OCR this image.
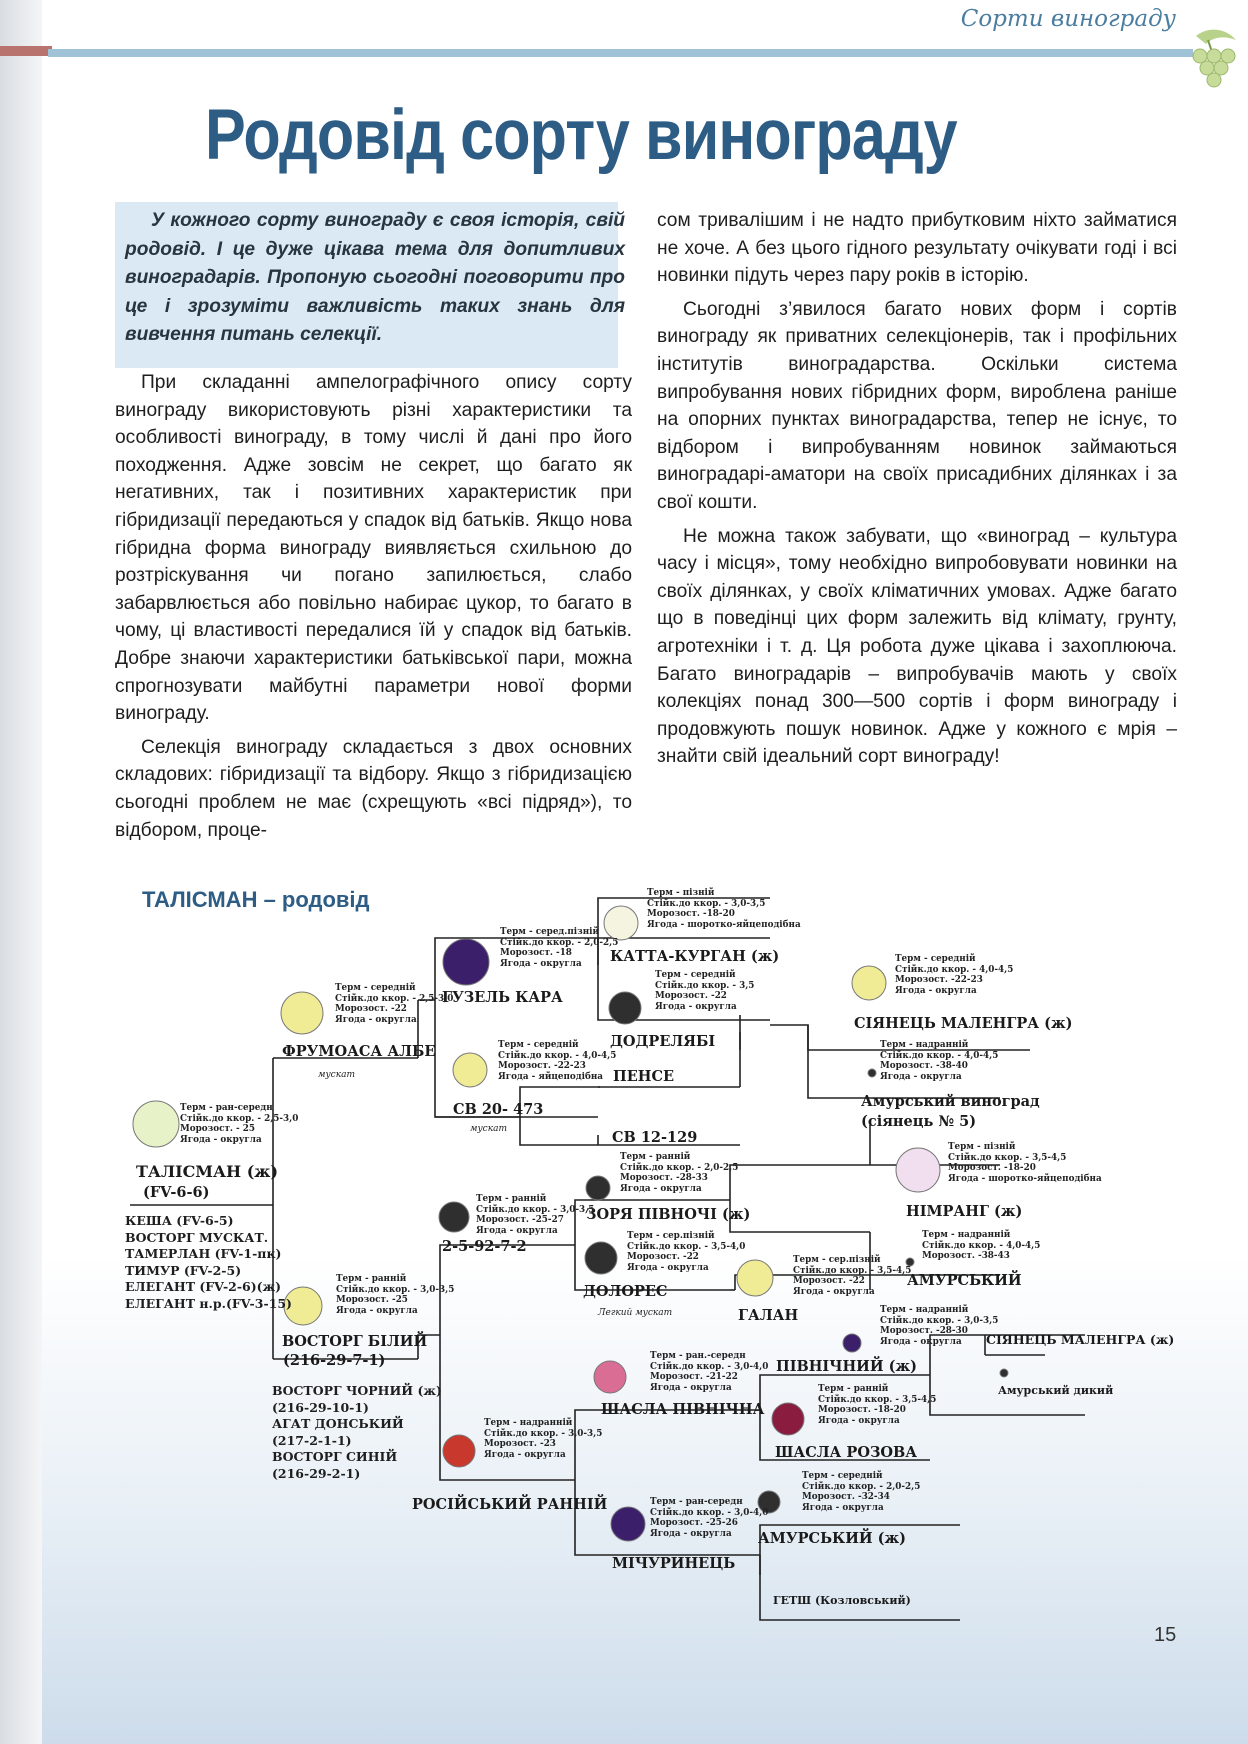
Сорти винограду
Родовід сорту винограду

У кожного сорту винограду є своя історія, свій родовід. І це дуже цікава тема для допитливих виноградарів. Пропоную сьогодні поговорити про це і зрозуміти важливість таких знань для вивчення питань селекції.

При складанні ампелографічного опису сорту винограду використовують різні характеристики та особливості винограду, в тому числі й дані про його походження. Адже зовсім не секрет, що багато як негативних, так і позитивних характеристик при гібридизації передаються у спадок від батьків. Якщо нова гібридна форма винограду виявляється схильною до розтріскування чи погано запилюється, слабо забарвлюється або повільно набирає цукор, то багато в чому, ці властивості передалися їй у спадок від батьків. Добре знаючи характеристики батьківської пари, можна спрогнозувати майбутні параметри нової форми винограду.

Селекція винограду складається з двох основних складових: гібридизації та відбору. Якщо з гібридизацією сьогодні проблем не має (схрещують «всі підряд»), то відбором, проце-

сом тривалішим і не надто прибутковим ніхто займатися не хоче. А без цього гідного результату очікувати годі і всі новинки підуть через пару років в історію.

Сьогодні з’явилося багато нових форм і сортів винограду як приватних селекціонерів, так і профільних інститутів виноградарства. Оскільки система випробування нових гібридних форм, вироблена раніше на опорних пунктах виноградарства, тепер не існує, то відбором і випробуванням новинок займаються виноградарі-аматори на своїх присадибних ділянках і за свої кошти.

Не можна також забувати, що «виноград – культура часу і місця», тому необхідно випробовувати новинки на своїх ділянках, у своїх кліматичних умовах. Адже багато що в поведінці цих форм залежить від клімату, грунту, агротехніки і т. д. Ця робота дуже цікава і захоплююча. Багато виноградарів – випробувачів мають у своїх колекціях понад 300—500 сортів і форм винограду і продовжують пошук новинок. Адже у кожного є мрія – знайти свій ідеальний сорт винограду!

ТАЛІСМАН – родовід
ТАЛІСМАН (ж)
(FV-6-6)
ФРУМОАСА АЛБЕ
мускат
ГУЗЕЛЬ КАРА
КАТТА-КУРГАН (ж)
ДОДРЕЛЯБІ
ПЕНСЕ
СВ 20- 473
мускат	СВ 12-129
СІЯНЕЦЬ МАЛЕНГРА (ж)
Амурський виноград
(сіянець № 5)
НІМРАНГ (ж)
АМУРСЬКИЙ
ЗОРЯ ПІВНОЧІ (ж)
2-5-92-7-2
ДОЛОРЕС
Легкий мускат	ГАЛАН
ПІВНІЧНИЙ (ж)
СІЯНЕЦЬ МАЛЕНГРА (ж)
Амурський дикий
ВОСТОРГ БІЛИЙ
(216-29-7-1)
ШАСЛА ПІВНІЧНА
ШАСЛА РОЗОВА
РОСІЙСЬКИЙ РАННІЙ
АМУРСЬКИЙ (ж)
МІЧУРИНЕЦЬ
ГЕТШ (Козловський)
КЕША (FV-6-5)
ВОСТОРГ МУСКАТ.
ТАМЕРЛАН (FV-1-пк)
ТИМУР (FV-2-5)
ЕЛЕГАНТ (FV-2-6)(ж)
ЕЛЕГАНТ н.р.(FV-3-15)
ВОСТОРГ ЧОРНИЙ (ж)
(216-29-10-1)
АГАТ ДОНСЬКИЙ
(217-2-1-1)
ВОСТОРГ СИНІЙ
(216-29-2-1)
Терм - пізній
Стійк.до ккор. - 3,0-3,5
Морозост. -18-20
Ягода - шоротко-яйцеподібна
Терм - серед.пізній
Стійк.до ккор. - 2,0-2,5
Морозост. -18
Ягода - округла
Терм - середній
Стійк.до ккор. - 2,5-3,0
Морозост. -22
Ягода - округла
Терм - середній
Стійк.до ккор. - 3,5
Морозост. -22
Ягода - округла
Терм - середній
Стійк.до ккор. - 4,0-4,5
Морозост. -22-23
Ягода - яйцеподібна
Терм - середній
Стійк.до ккор. - 4,0-4,5
Морозост. -22-23
Ягода - округла
Терм - надранній
Стійк.до ккор. - 4,0-4,5
Морозост. -38-40
Ягода - округла
Терм - ран-середн
Стійк.до ккор. - 2,5-3,0
Морозост. - 25
Ягода - округла
Терм - пізній
Стійк.до ккор. - 3,5-4,5
Морозост. -18-20
Ягода - шоротко-яйцеподібна
Терм - ранній
Стійк.до ккор. - 2,0-2,5
Морозост. -28-33
Ягода - округла
Терм - ранній
Стійк.до ккор. - 3,0-3,5
Морозост. -25-27
Ягода - округла	Терм - надранній
Стійк.до ккор. - 4,0-4,5
Морозост. -38-43
Терм - сер.пізній
Стійк.до ккор. - 3,5-4,0
Морозост. -22
Ягода - округла
Терм - сер.пізній
Стійк.до ккор. - 3,5-4,5
Морозост. -22
Ягода - округла
Терм - ранній
Стійк.до ккор. - 3,0-3,5
Морозост. -25
Ягода - округла	Терм - надранній
Стійк.до ккор. - 3,0-3,5
Морозост. -28-30
Ягода - округла
Терм - ран.-середн
Стійк.до ккор. - 3,0-4,0
Морозост. -21-22
Ягода - округла	Терм - ранній
Стійк.до ккор. - 3,5-4,5
Морозост. -18-20
Ягода - округла
Терм - надранній
Стійк.до ккор. - 3,0-3,5
Морозост. -23
Ягода - округла
Терм - середній
Стійк.до ккор. - 2,0-2,5
Морозост. -32-34
Ягода - округла
Терм - ран-середн
Стійк.до ккор. - 3,0-4,0
Морозост. -25-26
Ягода - округла
15
